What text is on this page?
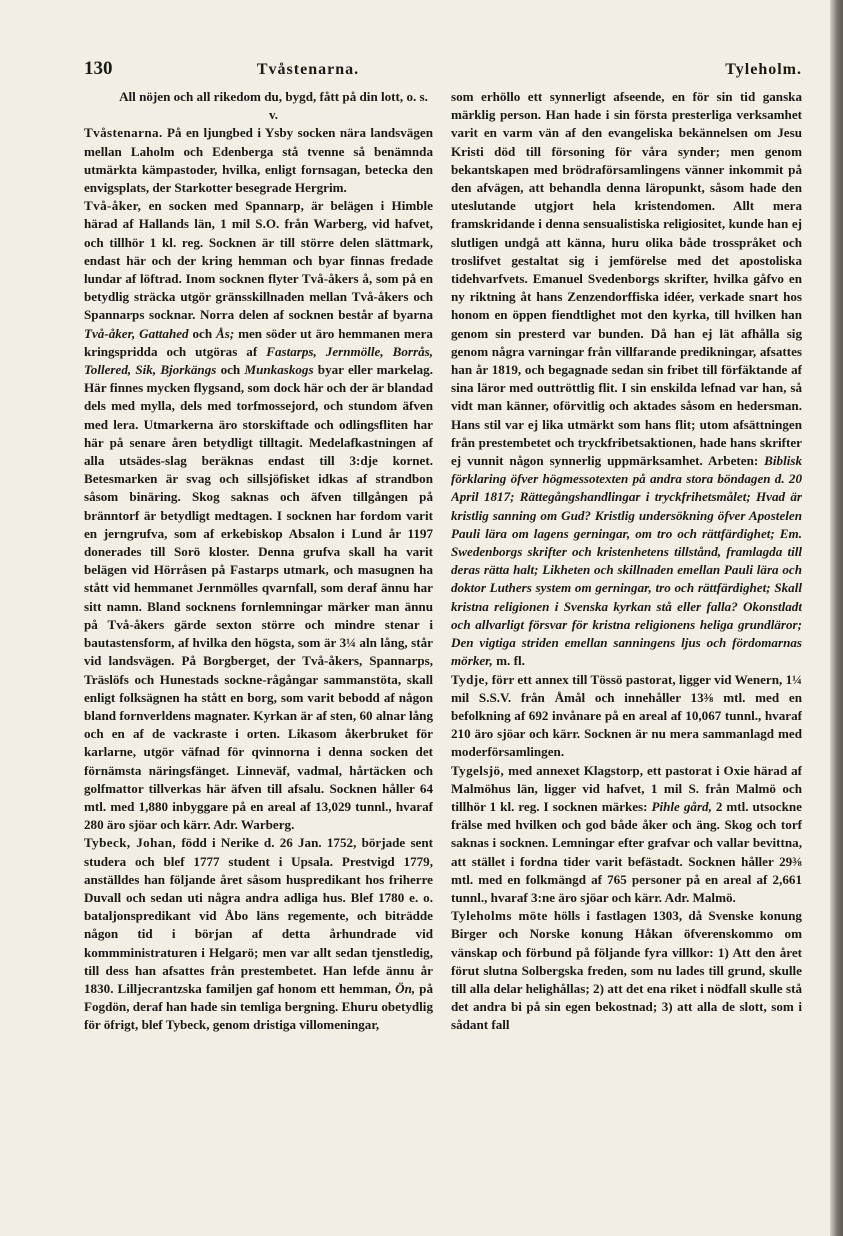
130	Tvåstenarna.	Tyleholm.

All nöjen och all rikedom du, bygd, fått på din lott, o. s. v.

Tvåstenarna. På en ljungbed i Ysby socken nära landsvägen mellan Laholm och Edenberga stå tvenne så benämnda utmärkta kämpastoder, hvilka, enligt fornsagan, betecka den envigsplats, der Starkotter besegrade Hergrim.

Två-åker, en socken med Spannarp, är belägen i Himble härad af Hallands län, 1 mil S.O. från Warberg, vid hafvet, och tillhör 1 kl. reg. Socknen är till större delen slättmark, endast här och der kring hemman och byar finnas fredade lundar af löftrad. Inom socknen flyter Två-åkers å, som på en betydlig sträcka utgör gränsskillnaden mellan Två-åkers och Spannarps socknar. Norra delen af socknen består af byarna Två-åker, Gattahed och Ås; men söder ut äro hemmanen mera kringspridda och utgöras af Fastarps, Jernmölle, Borrås, Tollered, Sik, Bjorkängs och Munkaskogs byar eller markelag. Här finnes mycken flygsand, som dock här och der är blandad dels med mylla, dels med torfmossejord, och stundom äfven med lera. Utmarkerna äro storskiftade och odlingsfliten har här på senare åren betydligt tilltagit. Medelafkastningen af alla utsädes-slag beräknas endast till 3:dje kornet. Betesmarken är svag och sillsjöfisket idkas af strandbon såsom binäring. Skog saknas och äfven tillgången på bränntorf är betydligt medtagen. I socknen har fordom varit en jerngrufva, som af erkebiskop Absalon i Lund år 1197 donerades till Sorö kloster. Denna grufva skall ha varit belägen vid Hörråsen på Fastarps utmark, och masugnen ha stått vid hemmanet Jernmölles qvarnfall, som deraf ännu har sitt namn. Bland socknens fornlemningar märker man ännu på Två-åkers gärde sexton större och mindre stenar i bautastensform, af hvilka den högsta, som är 3¼ aln lång, står vid landsvägen. På Borgberget, der Två-åkers, Spannarps, Träslöfs och Hunestads sockne-rågångar sammanstöta, skall enligt folksägnen ha stått en borg, som varit bebodd af någon bland fornverldens magnater. Kyrkan är af sten, 60 alnar lång och en af de vackraste i orten. Likasom åkerbruket för karlarne, utgör väfnad för qvinnorna i denna socken det förnämsta näringsfänget. Linneväf, vadmal, hårtäcken och golfmattor tillverkas här äfven till afsalu. Socknen håller 64 mtl. med 1,880 inbyggare på en areal af 13,029 tunnl., hvaraf 280 äro sjöar och kärr. Adr. Warberg.

Tybeck, Johan, född i Nerike d. 26 Jan. 1752, började sent studera och blef 1777 student i Upsala. Prestvigd 1779, anställdes han följande året såsom huspredikant hos friherre Duvall och sedan uti några andra adliga hus. Blef 1780 e. o. bataljonspredikant vid Åbo läns regemente, och biträdde någon tid i början af detta århundrade vid kommministraturen i Helgarö; men var allt sedan tjenstledig, till dess han afsattes från prestembetet. Han lefde ännu år 1830. Lilljecrantzska familjen gaf honom ett hemman, Ön, på Fogdön, deraf han hade sin temliga bergning. Ehuru obetydlig för öfrigt, blef Tybeck, genom dristiga villomeningar,

som erhöllo ett synnerligt afseende, en för sin tid ganska märklig person. Han hade i sin första presterliga verksamhet varit en varm vän af den evangeliska bekännelsen om Jesu Kristi död till försoning för våra synder; men genom bekantskapen med brödraförsamlingens vänner inkommit på den afvägen, att behandla denna läropunkt, såsom hade den uteslutande utgjort hela kristendomen. Allt mera framskridande i denna sensualistiska religiositet, kunde han ej slutligen undgå att känna, huru olika både trosspråket och troslifvet gestaltat sig i jemförelse med det apostoliska tidehvarfvets. Emanuel Svedenborgs skrifter, hvilka gåfvo en ny riktning åt hans Zenzendorffiska idéer, verkade snart hos honom en öppen fiendtlighet mot den kyrka, till hvilken han genom sin presterd var bunden. Då han ej lät afhålla sig genom några varningar från villfarande predikningar, afsattes han år 1819, och begagnade sedan sin fribet till förfäktande af sina läror med outtröttlig flit. I sin enskilda lefnad var han, så vidt man känner, oförvitlig och aktades såsom en hedersman. Hans stil var ej lika utmärkt som hans flit; utom afsättningen från prestembetet och tryckfribetsaktionen, hade hans skrifter ej vunnit någon synnerlig uppmärksamhet. Arbeten: Biblisk förklaring öfver högmessotexten på andra stora böndagen d. 20 April 1817; Rättegångshandlingar i tryckfrihetsmålet; Hvad är kristlig sanning om Gud? Kristlig undersökning öfver Apostelen Pauli lära om lagens gerningar, om tro och rättfärdighet; Em. Swedenborgs skrifter och kristenhetens tillstånd, framlagda till deras rätta halt; Likheten och skillnaden emellan Pauli lära och doktor Luthers system om gerningar, tro och rättfärdighet; Skall kristna religionen i Svenska kyrkan stå eller falla? Okonstladt och allvarligt försvar för kristna religionens heliga grundläror; Den vigtiga striden emellan sanningens ljus och fördomarnas mörker, m. fl.

Tydje, förr ett annex till Tössö pastorat, ligger vid Wenern, 1¼ mil S.S.V. från Åmål och innehåller 13⅜ mtl. med en befolkning af 692 invånare på en areal af 10,067 tunnl., hvaraf 210 äro sjöar och kärr. Socknen är nu mera sammanlagd med moderförsamlingen.

Tygelsjö, med annexet Klagstorp, ett pastorat i Oxie härad af Malmöhus län, ligger vid hafvet, 1 mil S. från Malmö och tillhör 1 kl. reg. I socknen märkes: Pihle gård, 2 mtl. utsockne frälse med hvilken och god både åker och äng. Skog och torf saknas i socknen. Lemningar efter grafvar och vallar bevittna, att stället i fordna tider varit befästadt. Socknen håller 29⅜ mtl. med en folkmängd af 765 personer på en areal af 2,661 tunnl., hvaraf 3:ne äro sjöar och kärr. Adr. Malmö.

Tyleholms möte hölls i fastlagen 1303, då Svenske konung Birger och Norske konung Håkan öfverenskommo om vänskap och förbund på följande fyra villkor: 1) Att den året förut slutna Solbergska freden, som nu lades till grund, skulle till alla delar helighållas; 2) att det ena riket i nödfall skulle stå det andra bi på sin egen bekostnad; 3) att alla de slott, som i sådant fall
